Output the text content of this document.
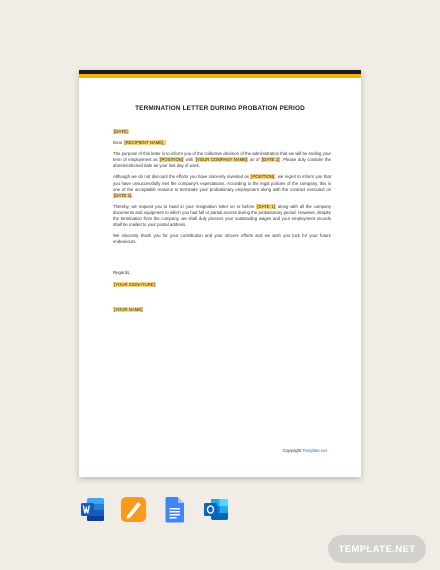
TERMINATION LETTER DURING PROBATION PERIOD

[DATE]

Dear [RECIPIENT NAME],

The purpose of this letter is to inform you of the collective decision of the administration that we will be ending your term of employment as [POSITION] with [YOUR COMPANY NAME] as of [DATE 1]. Please duly consider the aforementioned date as your last day of work.

Although we do not discount the efforts you have sincerely invested as [POSITION], we regret to inform you that you have unsuccessfully met the company's expectations. According to the legal policies of the company, this is one of the acceptable reasons to terminate your probationary employment along with the contract executed on [DATE 2].

Thereby, we request you to hand in your resignation letter on or before [DATE 1] along with all the company documents and equipment to which you had full or partial access during the probationary period. However, despite the termination from the company, we shall duly process your outstanding wages and your employment records shall be mailed to your postal address.

We sincerely thank you for your contribution and your sincere efforts and we wish you luck for your future endeavours.

Regards,

[YOUR SIGNATURE]

[YOUR NAME]

Copyright Template.net
TEMPLATE.NET
